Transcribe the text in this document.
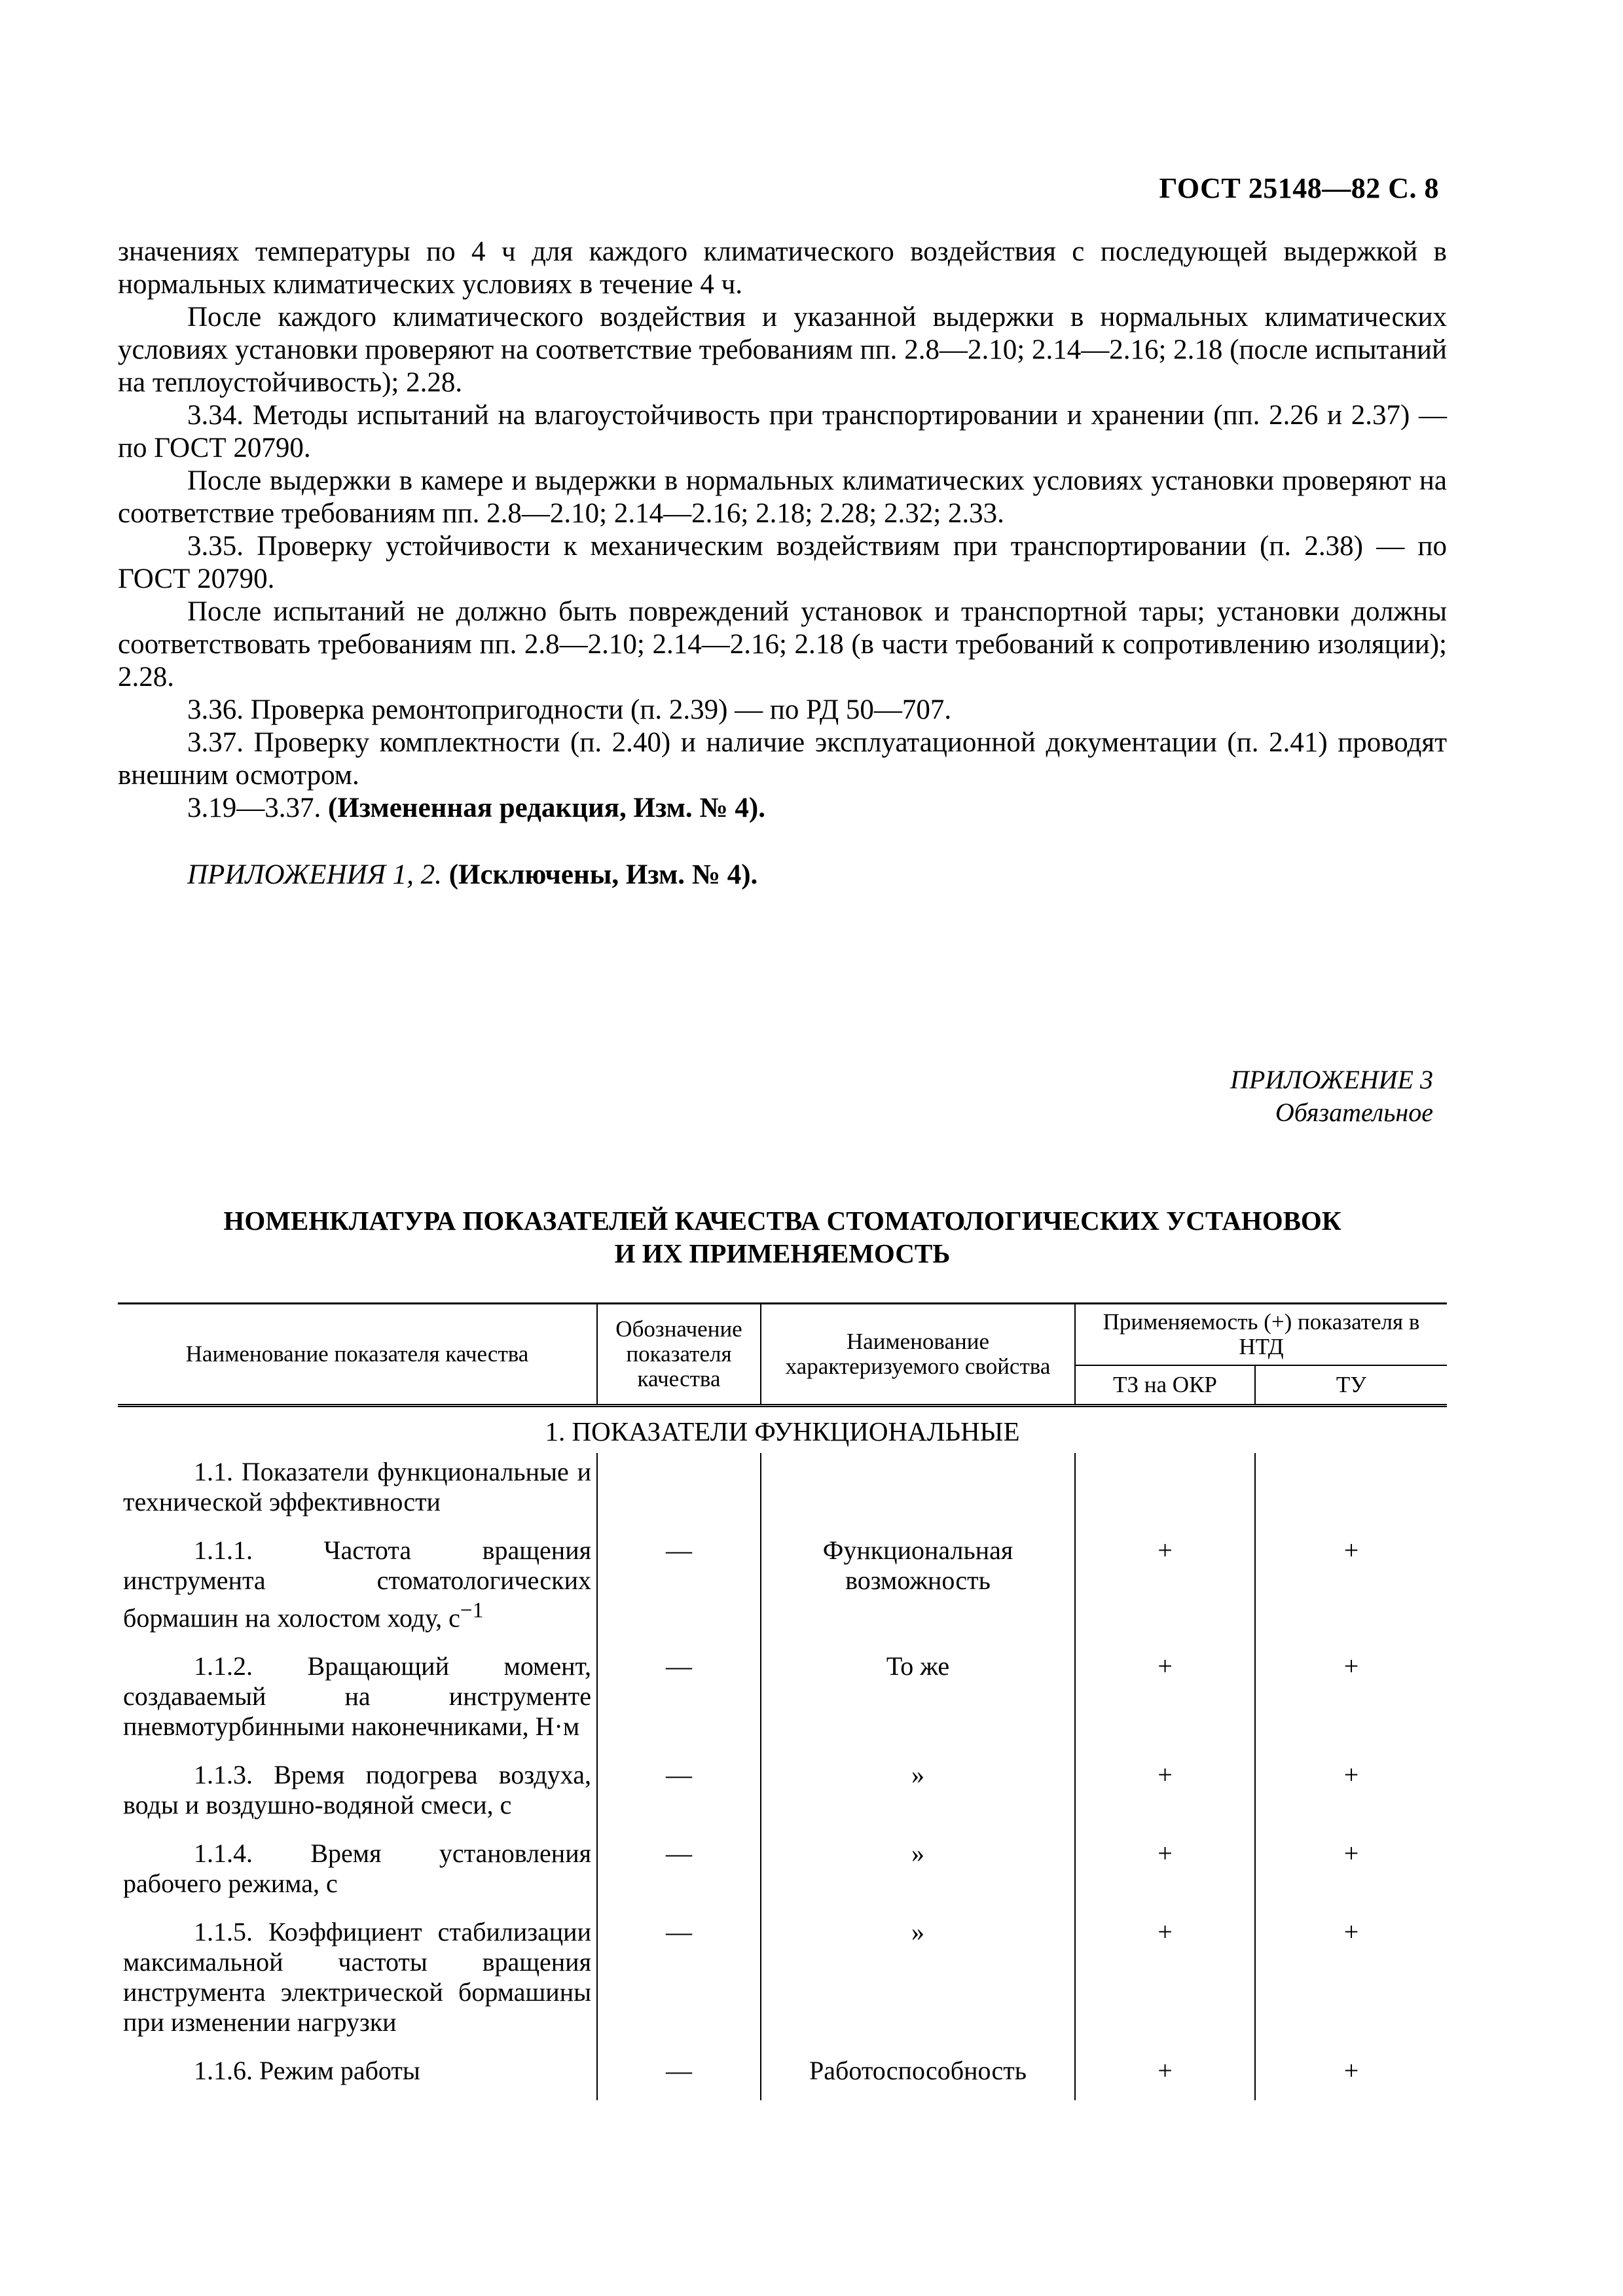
ГОСТ 25148—82 С. 8

значениях температуры по 4 ч для каждого климатического воздействия с последующей выдержкой в нормальных климатических условиях в течение 4 ч.

После каждого климатического воздействия и указанной выдержки в нормальных климатических условиях установки проверяют на соответствие требованиям пп. 2.8—2.10; 2.14—2.16; 2.18 (после испытаний на теплоустойчивость); 2.28.

3.34. Методы испытаний на влагоустойчивость при транспортировании и хранении (пп. 2.26 и 2.37) — по ГОСТ 20790.

После выдержки в камере и выдержки в нормальных климатических условиях установки проверяют на соответствие требованиям пп. 2.8—2.10; 2.14—2.16; 2.18; 2.28; 2.32; 2.33.

3.35. Проверку устойчивости к механическим воздействиям при транспортировании (п. 2.38) — по ГОСТ 20790.

После испытаний не должно быть повреждений установок и транспортной тары; установки должны соответствовать требованиям пп. 2.8—2.10; 2.14—2.16; 2.18 (в части требований к сопротивлению изоляции); 2.28.

3.36. Проверка ремонтопригодности (п. 2.39) — по РД 50—707.

3.37. Проверку комплектности (п. 2.40) и наличие эксплуатационной документации (п. 2.41) проводят внешним осмотром.

3.19—3.37. (Измененная редакция, Изм. № 4).

ПРИЛОЖЕНИЯ 1, 2. (Исключены, Изм. № 4).

ПРИЛОЖЕНИЕ 3
Обязательное
НОМЕНКЛАТУРА ПОКАЗАТЕЛЕЙ КАЧЕСТВА СТОМАТОЛОГИЧЕСКИХ УСТАНОВОК
И ИХ ПРИМЕНЯЕМОСТЬ
Наименование показателя качества	Обозначение показателя качества	Наименование характеризуемого свойства	Применяемость (+) показателя в НТД	
			ТЗ на ОКР	ТУ

1. ПОКАЗАТЕЛИ ФУНКЦИОНАЛЬНЫЕ				
1.1. Показатели функциональные и технической эффективности				
1.1.1. Частота вращения инструмента стоматологических бормашин на холостом ходу, $с^{-1}$	—	Функциональная возможность	+	+
1.1.2. Вращающий момент, создаваемый на инструменте пневмотурбинными наконечниками, Н·м	—	То же	+	+
1.1.3. Время подогрева воздуха, воды и воздушно-водяной смеси, с	—	»	+	+
1.1.4. Время установления рабочего режима, с	—	»	+	+
1.1.5. Коэффициент стабилизации максимальной частоты вращения инструмента электрической бормашины при изменении нагрузки	—	»	+	+
1.1.6. Режим работы	—	Работоспособность	+	+
